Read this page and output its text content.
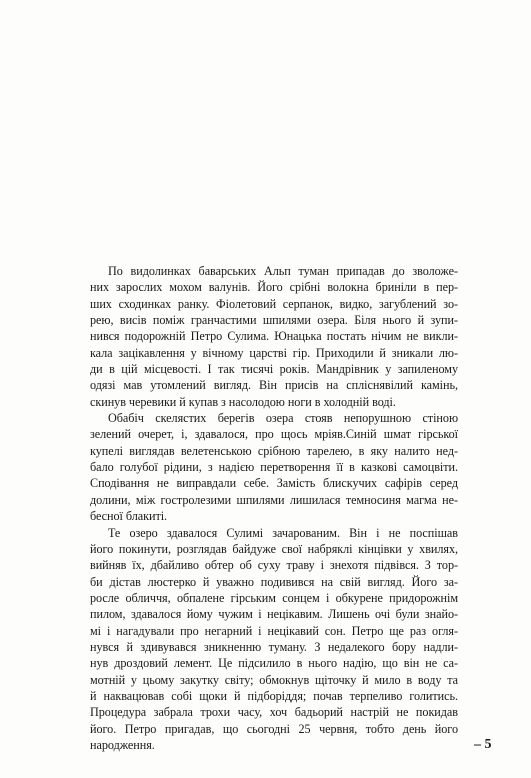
По видолинках баварських Альп туман припадав до зволоже-
них зарослих мохом валунів. Його срібні волокна бриніли в пер-
ших сходинках ранку. Фіолетовий серпанок, видко, загублений зо-
рею, висів поміж гранчастими шпилями озера. Біля нього й зупи-
нився подорожній Петро Сулима. Юнацька постать нічим не викли-
кала зацікавлення у вічному царстві гір. Приходили й зникали лю-
ди в цій місцевості. І так тисячі років. Мандрівник у запиленому
одязі мав утомлений вигляд. Він присів на спліснявілий камінь,
скинув черевики й купав з насолодою ноги в холодній воді.
Обабіч скелястих берегів озера стояв непорушною стіною
зелений очерет, і, здавалося, про щось мріяв.Синій шмат гірської
купелі виглядав велетенською срібною тарелею, в яку налито нед-
бало голубої рідини, з надією перетворення її в казкові самоцвіти.
Сподівання не виправдали себе. Замість блискучих сафірів серед
долини, між гостролезими шпилями лишилася темносиня магма не-
бесної блакиті.
Те озеро здавалося Сулимі зачарованим. Він і не поспішав
його покинути, розглядав байдуже свої набряклі кінцівки у хвилях,
вийняв їх, дбайливо обтер об суху траву і знехотя підвівся. З тор-
би дістав люстерко й уважно подивився на свій вигляд. Його за-
росле обличчя, обпалене гірським сонцем і обкурене придорожнім
пилом, здавалося йому чужим і нецікавим. Лишень очі були знайо-
мі і нагадували про негарний і нецікавий сон. Петро ще раз огля-
нувся й здивувався зникненню туману. З недалекого бору надли-
нув дроздовий лемент. Це підсилило в нього надію, що він не са-
мотній у цьому закутку світу; обмокнув щіточку й мило в воду та
й наквацював собі щоки й підборіддя; почав терпеливо голитись.
Процедура забрала трохи часу, хоч бадьорий настрій не покидав
його. Петро пригадав, що сьогодні 25 червня, тобто день його
народження.	– 5
